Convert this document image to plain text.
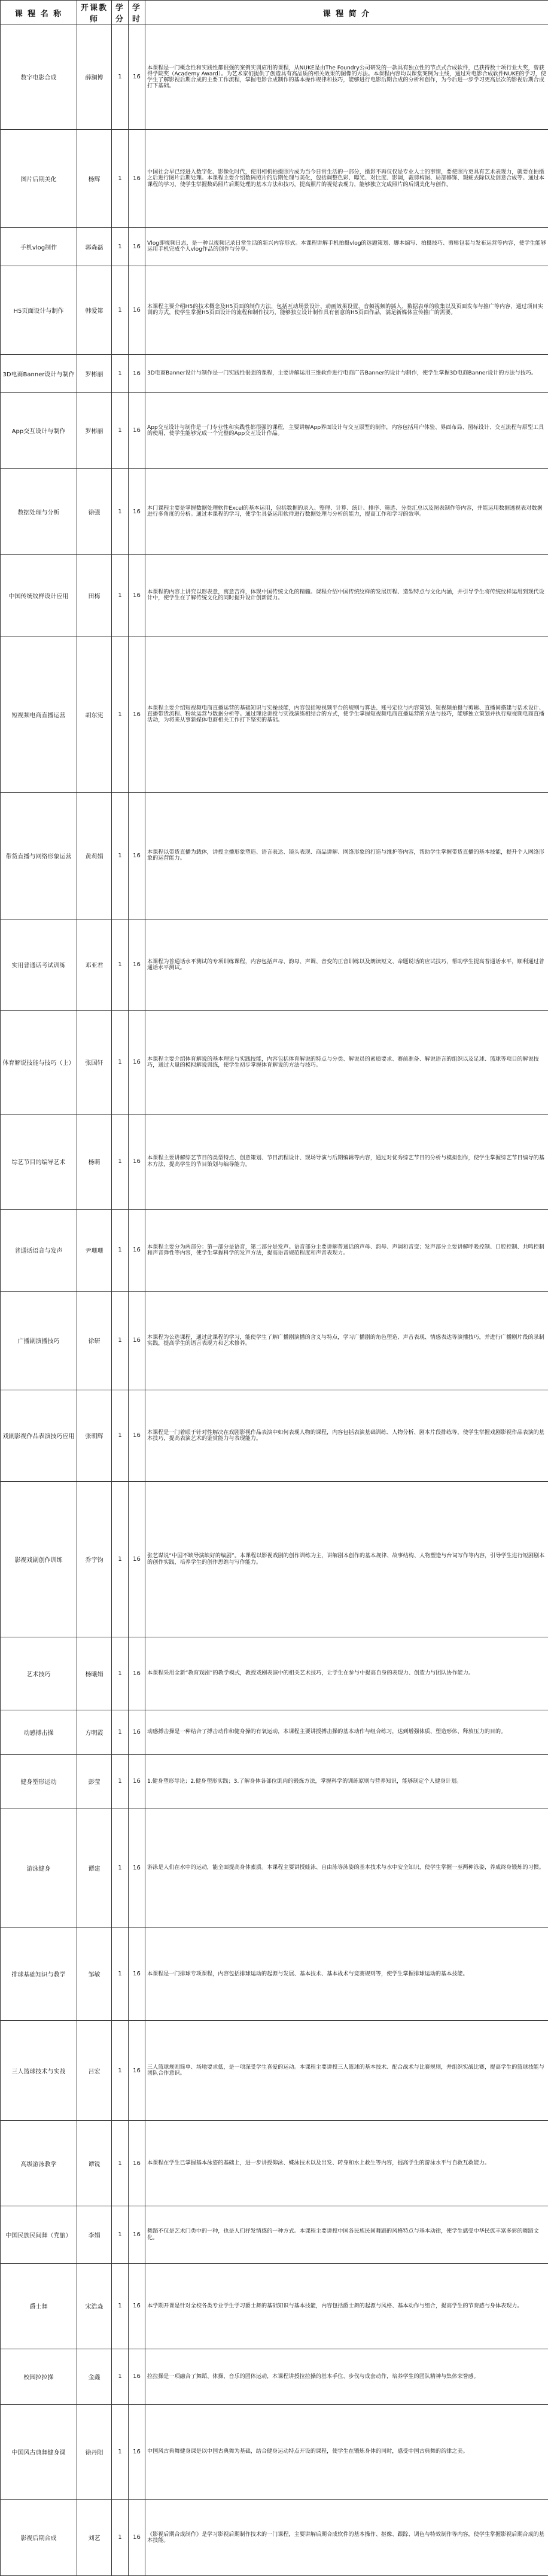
课 程 名 称	开课教师	学分	学时	课 程 简 介
数字电影合成	薛澜博	1	16	本课程是一门概念性和实践性都很强的案例实训应用的课程，从NUKE是由The Foundry公司研发的一款具有独立性的节点式合成软件，已获得数十项行业大奖，曾获得学院奖（Academy Award）。为艺术家们提供了创造具有高品质的相关效果的图像的方法。本课程内容均以课堂案例为主线，通过对电影合成软件NUKE的学习，使学生了解影视后期合成的主要工作流程，掌握电影合成制作的基本操作规律和技巧，能够进行电影后期合成的分析和创作，为今后进一步学习更高层次的影视后期合成打下基础。
图片后期美化	杨辉	1	16	中国社会早已经进入数字化、影像化时代，使用相机拍摄照片成为当今日常生活的一部分，摄影不再仅仅是专业人士的事情，要使照片更具有艺术表现力，就要在拍摄之后进行图片后期处理。本课程主要介绍数码照片的后期处理与美化，包括调整色彩、曝光、对比度、影调，裁剪构图、局部修饰、瑕疵去除以及创意合成等。通过本课程的学习，使学生掌握数码照片后期处理的基本方法和技巧，提高照片的视觉表现力，能够独立完成照片的后期美化与创作。
手机vlog制作	郭森磊	1	16	Vlog即视频日志，是一种以视频记录日常生活的新兴内容形式。本课程讲解手机拍摄vlog的选题策划、脚本编写、拍摄技巧、剪辑包装与发布运营等内容，使学生能够运用手机完成个人vlog作品的创作与分享。
H5页面设计与制作	韩爱第	1	16	本课程主要介绍H5的技术概念及H5页面的制作方法，包括互动场景设计、动画效果设置、音频视频的插入、数据表单的收集以及页面发布与推广等内容，通过项目实训的方式，使学生掌握H5页面设计的流程和制作技巧，能够独立设计制作具有创意的H5页面作品，满足新媒体宣传推广的需要。
3D电商Banner设计与制作	罗彬丽	1	16	3D电商Banner设计与制作是一门实践性很强的课程，主要讲解运用三维软件进行电商广告Banner的设计与制作，使学生掌握3D电商Banner设计的方法与技巧。
App交互设计与制作	罗彬丽	1	16	App交互设计与制作是一门专业性和实践性都很强的课程，主要讲解App界面设计与交互原型的制作，内容包括用户体验、界面布局、图标设计、交互流程与原型工具的使用，使学生能够完成一个完整的App交互设计作品。
数据处理与分析	徐强	1	16	本门课程主要是掌握数据处理软件Excel的基本运用，包括数据的录入、整理、计算、统计、排序、筛选、分类汇总以及图表制作等内容，并能运用数据透视表对数据进行多角度的分析。通过本课程的学习，使学生具备运用软件进行数据处理与分析的能力，提高工作和学习的效率。
中国传统纹样设计应用	田梅	1	16	本课程的内容上讲究以形表意，寓意吉祥，体现中国传统文化的精髓。课程介绍中国传统纹样的发展历程、造型特点与文化内涵，并引导学生将传统纹样运用到现代设计中，使学生在了解传统文化的同时提升设计创新能力。
短视频电商直播运营	胡东宪	1	16	本课程主要介绍短视频电商直播运营的基础知识与实操技能，内容包括短视频平台的规则与算法、账号定位与内容策划、短视频拍摄与剪辑、直播间搭建与话术设计、直播带货流程、粉丝运营与数据分析等。通过理论讲授与实战演练相结合的方式，使学生掌握短视频电商直播运营的方法与技巧，能够独立策划并执行短视频电商直播活动，为将来从事新媒体电商相关工作打下坚实的基础。
带货直播与网络形象运营	黄莉娟	1	16	本课程以带货直播为载体，讲授主播形象塑造、语言表达、镜头表现、商品讲解、网络形象的打造与维护等内容，帮助学生掌握带货直播的基本技能，提升个人网络形象的运营能力。
实用普通话考试训练	邓亚君	1	16	本课程为普通话水平测试的专项训练课程，内容包括声母、韵母、声调、音变的正音训练以及朗读短文、命题说话的应试技巧，帮助学生提高普通话水平，顺利通过普通话水平测试。
体育解说技能与技巧（上）	张国轩	1	16	本课程主要介绍体育解说的基本理论与实践技能，内容包括体育解说的特点与分类、解说员的素质要求、赛前准备、解说语言的组织以及足球、篮球等项目的解说技巧，通过大量的模拟解说训练，使学生初步掌握体育解说的方法与技巧。
综艺节目的编导艺术	杨萌	1	16	本课程主要讲解综艺节目的类型特点、创意策划、节目流程设计、现场导演与后期编辑等内容，通过对优秀综艺节目的分析与模拟创作，使学生掌握综艺节目编导的基本方法，提高学生的节目策划与编导能力。
普通话语音与发声	尹珊珊	1	16	本课程主要分为两部分：第一部分是语音，第二部分是发声。语音部分主要讲解普通话的声母、韵母、声调和音变；发声部分主要讲解呼吸控制、口腔控制、共鸣控制和声音弹性等内容，使学生掌握科学的发声方法，提高语音规范程度和声音表现力。
广播剧演播技巧	徐研	1	16	本课程为公选课程，通过此课程的学习，能使学生了解广播剧演播的含义与特点，学习广播剧的角色塑造、声音表现、情感表达等演播技巧，并进行广播剧片段的录制实践，提高学生的语言表现力和艺术修养。
戏剧影视作品表演技巧应用	张朝辉	1	16	本课程是一门着眼于针对性解决在戏剧影视作品表演中如何表现人物的课程，内容包括表演基础训练、人物分析、剧本片段排练等，使学生掌握戏剧影视作品表演的基本技巧，提高表演艺术的鉴赏能力与表现能力。
影视戏剧创作训练	乔宇钧	1	16	张艺谋说“中国不缺导演缺好的编剧”。本课程以影视戏剧的创作训练为主，讲解剧本创作的基本规律、故事结构、人物塑造与台词写作等内容，引导学生进行短剧剧本的创作实践，培养学生的创作思维与写作能力。
艺术技巧	杨曦娟	1	16	本课程采用全新“教育戏剧”的教学模式，教授戏剧表演中的相关艺术技巧，让学生在参与中提高自身的表现力、创造力与团队协作能力。
动感搏击操	方明霞	1	16	动感搏击操是一种结合了搏击动作和健身操的有氧运动，本课程主要讲授搏击操的基本动作与组合练习，达到增强体质、塑造形体、释放压力的目的。
健身塑形运动	彭莹	1	16	1.健身塑形导论；2.健身塑形实践；3.了解身体各部位肌肉的锻炼方法，掌握科学的训练原则与营养知识，能够制定个人健身计划。
游泳健身	谭建	1	16	游泳是人们在水中的运动，能全面提高身体素质。本课程主要讲授蛙泳、自由泳等泳姿的基本技术与水中安全知识，使学生掌握一至两种泳姿，养成终身锻炼的习惯。
排球基础知识与教学	邹敏	1	16	本课程是一门排球专项课程，内容包括排球运动的起源与发展、基本技术、基本战术与竞赛规则等，使学生掌握排球运动的基本技能。
三人篮球技术与实战	吕宏	1	16	三人篮球规则简单、场地要求低，是一项深受学生喜爱的运动。本课程主要讲授三人篮球的基本技术、配合战术与比赛规则，并组织实战比赛，提高学生的篮球技能与团队合作意识。
高级游泳教学	谭锐	1	16	本课程在学生已掌握基本泳姿的基础上，进一步讲授仰泳、蝶泳技术以及出发、转身和水上救生等内容，提高学生的游泳水平与自救互救能力。
中国民族民间舞（党旅）	李娟	1	16	舞蹈不仅是艺术门类中的一种，也是人们抒发情感的一种方式。本课程主要讲授中国各民族民间舞蹈的风格特点与基本动律，使学生感受中华民族丰富多彩的舞蹈文化。
爵士舞	宋浩淼	1	16	本学期开课是针对全校各类专业学生学习爵士舞的基础知识与基本技能，内容包括爵士舞的起源与风格、基本动作与组合，提高学生的节奏感与身体表现力。
校园拉拉操	金鑫	1	16	拉拉操是一项融合了舞蹈、体操、音乐的团体运动，本课程讲授拉拉操的基本手位、步伐与成套动作，培养学生的团队精神与集体荣誉感。
中国风古典舞健身课	徐丹阳	1	16	中国风古典舞健身课是以中国古典舞为基础，结合健身运动特点开设的课程，使学生在锻炼身体的同时，感受中国古典舞的韵律之美。
影视后期合成	刘艺	1	16	《影视后期合成制作》是学习影视后期制作技术的一门课程，主要讲解后期合成软件的基本操作、抠像、跟踪、调色与特效制作等内容，使学生掌握影视后期合成的基本技能。
